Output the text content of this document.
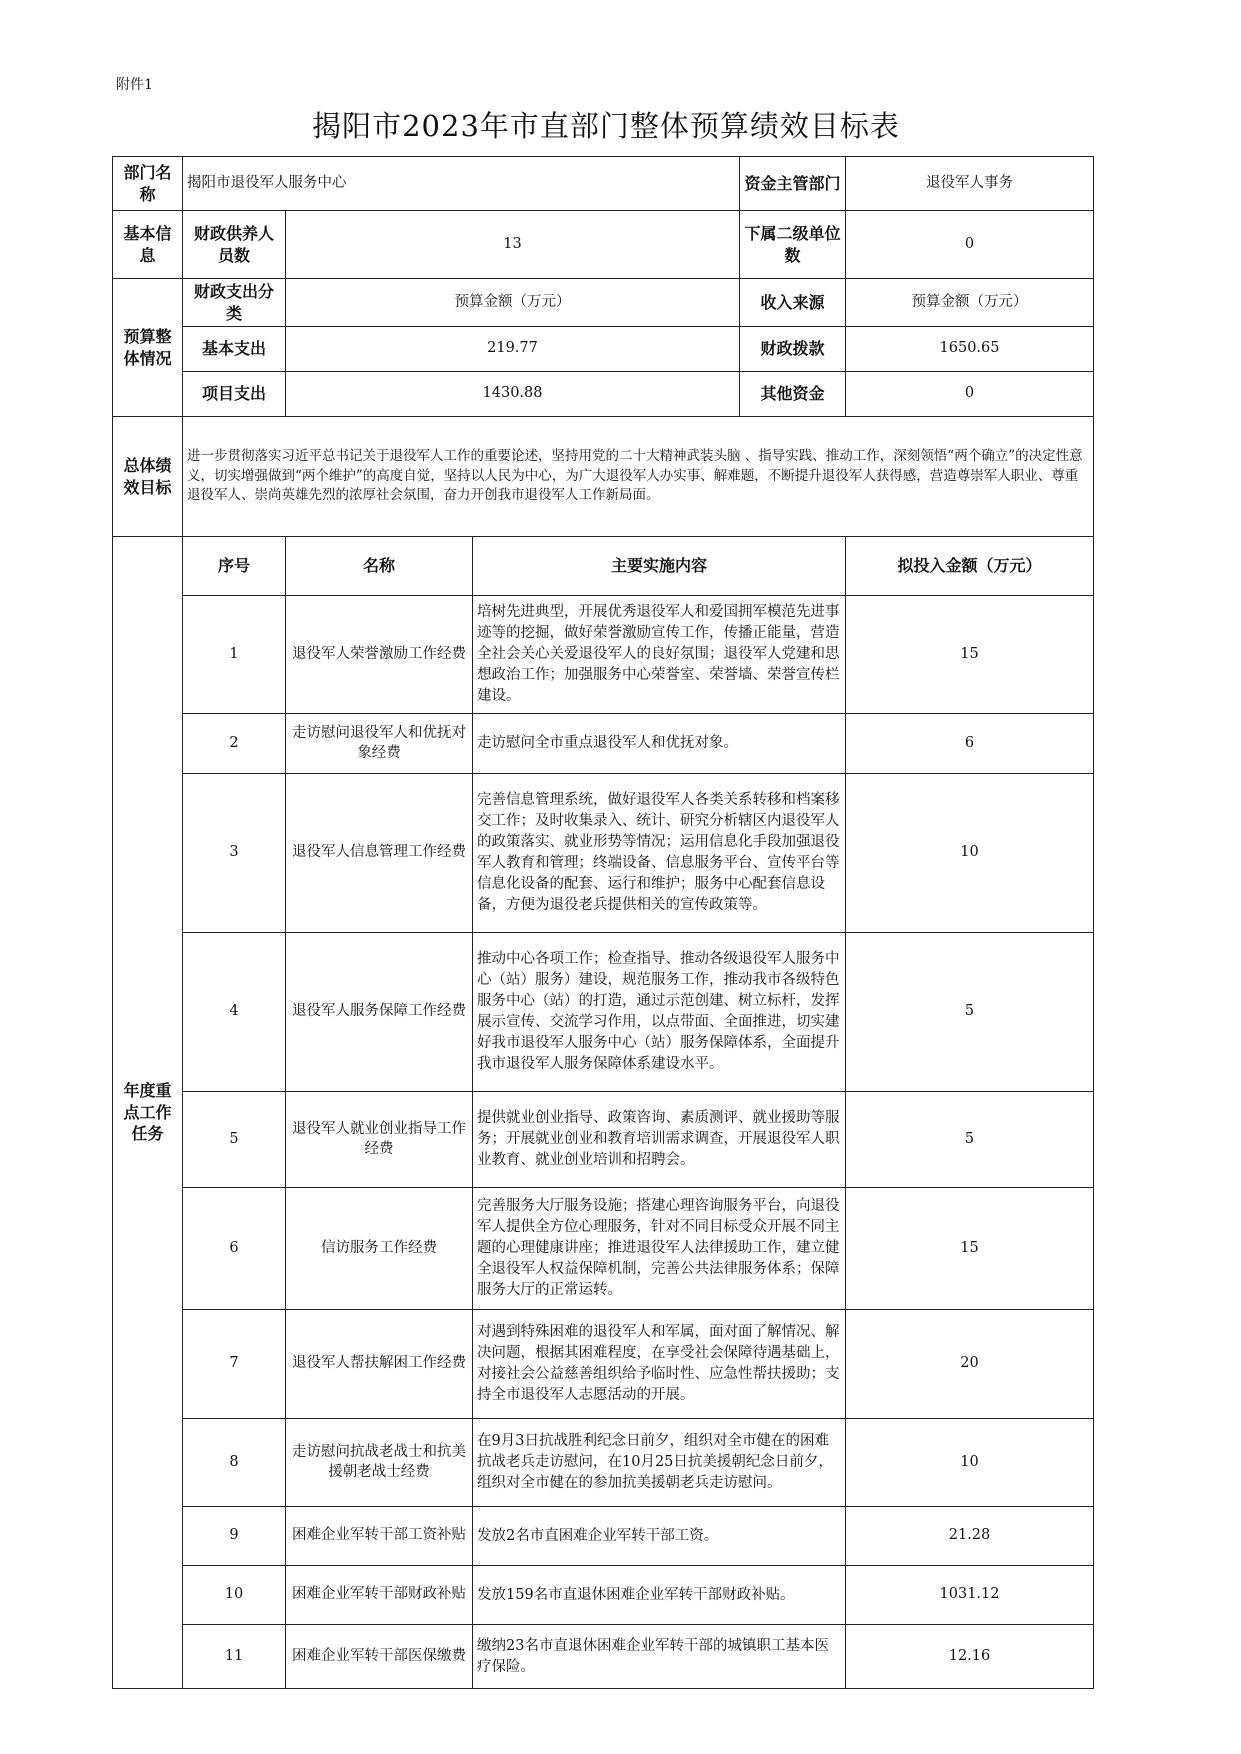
附件1
揭阳市2023年市直部门整体预算绩效目标表
部门名称	揭阳市退役军人服务中心			资金主管部门	退役军人事务
基本信息	财政供养人员数	13		下属二级单位数	0
预算整体情况	财政支出分类	预算金额（万元）		收入来源	预算金额（万元）
	基本支出	219.77		财政拨款	1650.65
	项目支出	1430.88		其他资金	0
总体绩效目标	进一步贯彻落实习近平总书记关于退役军人工作的重要论述，坚持用党的二十大精神武装头脑 、指导实践、推动工作，深刻领悟“两个确立”的决定性意义，切实增强做到“两个维护”的高度自觉，坚持以人民为中心，为广大退役军人办实事、解难题，不断提升退役军人获得感，营造尊崇军人职业、尊重退役军人、崇尚英雄先烈的浓厚社会氛围，奋力开创我市退役军人工作新局面。				
年度重点工作任务	序号	名称	主要实施内容		拟投入金额（万元）
	1	退役军人荣誉激励工作经费	培树先进典型，开展优秀退役军人和爱国拥军模范先进事迹等的挖掘，做好荣誉激励宣传工作，传播正能量，营造全社会关心关爱退役军人的良好氛围；退役军人党建和思想政治工作；加强服务中心荣誉室、荣誉墙、荣誉宣传栏建设。		15
	2	走访慰问退役军人和优抚对象经费	走访慰问全市重点退役军人和优抚对象。		6
	3	退役军人信息管理工作经费	完善信息管理系统，做好退役军人各类关系转移和档案移交工作；及时收集录入、统计、研究分析辖区内退役军人的政策落实、就业形势等情况；运用信息化手段加强退役军人教育和管理；终端设备、信息服务平台、宣传平台等信息化设备的配套、运行和维护；服务中心配套信息设备，方便为退役老兵提供相关的宣传政策等。		10
	4	退役军人服务保障工作经费	推动中心各项工作；检查指导、推动各级退役军人服务中心（站）服务）建设，规范服务工作，推动我市各级特色服务中心（站）的打造，通过示范创建、树立标杆，发挥展示宣传、交流学习作用，以点带面、全面推进，切实建好我市退役军人服务中心（站）服务保障体系，全面提升我市退役军人服务保障体系建设水平。		5
	5	退役军人就业创业指导工作经费	提供就业创业指导、政策咨询、素质测评、就业援助等服务；开展就业创业和教育培训需求调查，开展退役军人职业教育、就业创业培训和招聘会。		5
	6	信访服务工作经费	完善服务大厅服务设施；搭建心理咨询服务平台，向退役军人提供全方位心理服务，针对不同目标受众开展不同主题的心理健康讲座；推进退役军人法律援助工作，建立健全退役军人权益保障机制，完善公共法律服务体系；保障服务大厅的正常运转。		15
	7	退役军人帮扶解困工作经费	对遇到特殊困难的退役军人和军属，面对面了解情况、解决问题，根据其困难程度，在享受社会保障待遇基础上，对接社会公益慈善组织给予临时性、应急性帮扶援助；支持全市退役军人志愿活动的开展。		20
	8	走访慰问抗战老战士和抗美援朝老战士经费	在9月3日抗战胜利纪念日前夕，组织对全市健在的困难抗战老兵走访慰问，在10月25日抗美援朝纪念日前夕，组织对全市健在的参加抗美援朝老兵走访慰问。		10
	9	困难企业军转干部工资补贴	发放2名市直困难企业军转干部工资。		21.28
	10	困难企业军转干部财政补贴	发放159名市直退休困难企业军转干部财政补贴。		1031.12
	11	困难企业军转干部医保缴费	缴纳23名市直退休困难企业军转干部的城镇职工基本医疗保险。		12.16
